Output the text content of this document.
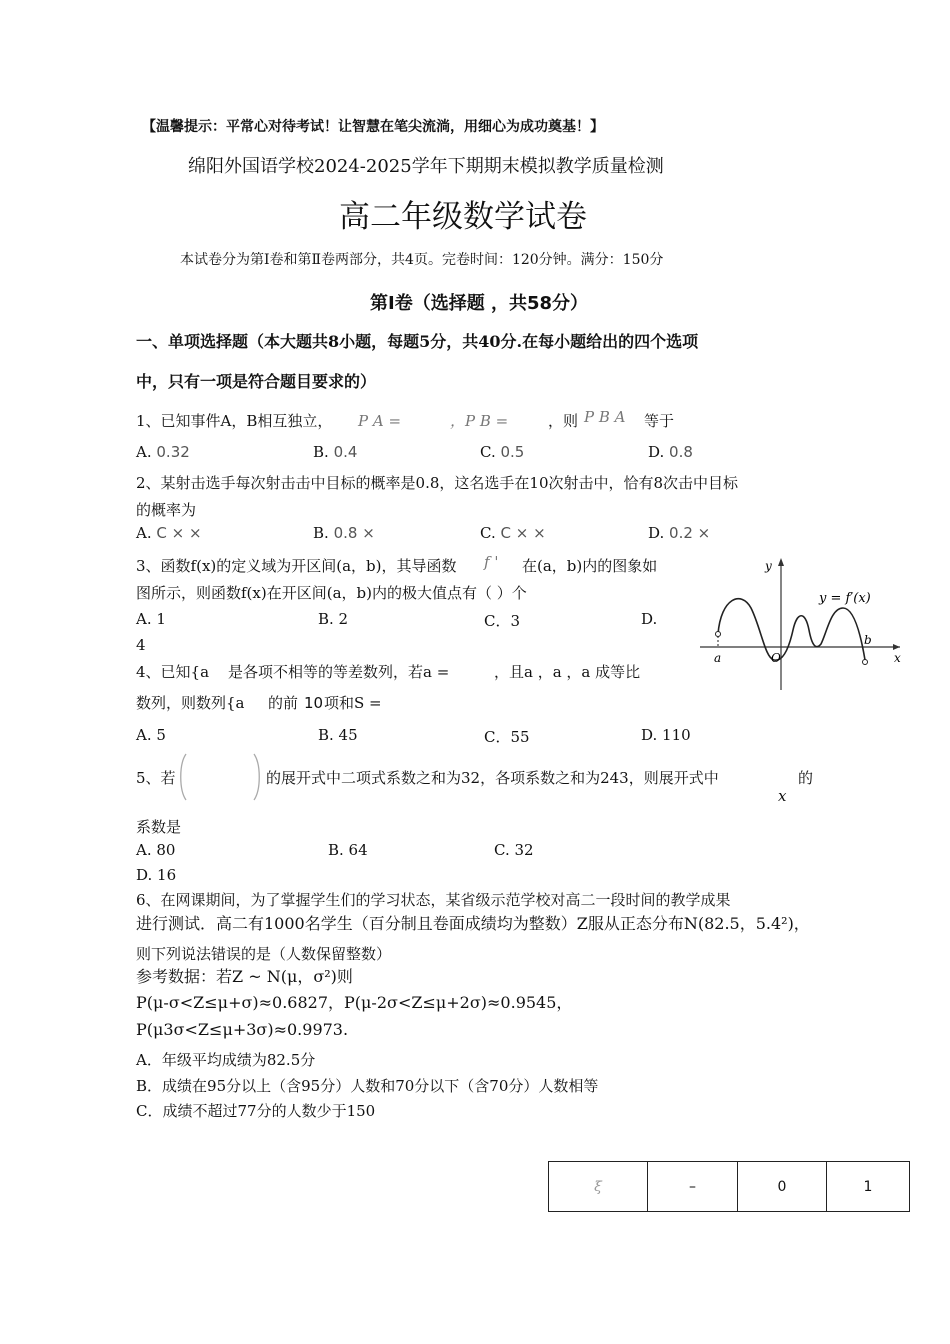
【温馨提示：平常心对待考试！让智慧在笔尖流淌，用细心为成功奠基！】
绵阳外国语学校2024-2025学年下期期末模拟教学质量检测
高二年级数学试卷
本试卷分为第Ⅰ卷和第Ⅱ卷两部分，共4页。完卷时间：120分钟。满分：150分
第Ⅰ卷（选择题 ，共58分）
一、单项选择题（本大题共8小题，每题5分，共40分.在每小题给出的四个选项
中，只有一项是符合题目要求的）
1、已知事件A，B相互独立， P A =	，P B =	，则 P B A 等于
A. 0.32	B. 0.4	C. 0.5	D. 0.8
2、某射击选手每次射击击中目标的概率是0.8，这名选手在10次射击中，恰有8次击中目标
的概率为
A. C × ×	B. 0.8 ×	C. C × ×	D. 0.2 ×
3、函数f(x)的定义域为开区间(a，b)，其导函数 f ' 在(a，b)内的图象如
图所示，则函数f(x)在开区间(a，b)内的极大值点有（ ）个
A. 1	B. 2	C．3	D.
4
y
x
a
b
O
y = f′(x)
4、已知{a 是各项不相等的等差数列，若a =	，且a ，a ，a 成等比
数列，则数列{a 的前 10 项和S =
A. 5	B. 45	C．55	D. 110
5、若	的展开式中二项式系数之和为32，各项系数之和为243，则展开式中
x
的
系数是
A. 80	B. 64	C. 32
D. 16
6、在网课期间，为了掌握学生们的学习状态，某省级示范学校对高二一段时间的教学成果
进行测试．高二有1000名学生（百分制且卷面成绩均为整数）Z服从正态分布N(82.5，5.4²)，
则下列说法错误的是（人数保留整数）
参考数据：若Z ~ N(μ，σ²)则
P(μ-σ<Z≤μ+σ)≈0.6827，P(μ-2σ<Z≤μ+2σ)≈0.9545，
P(μ3σ<Z≤μ+3σ)≈0.9973.
A．年级平均成绩为82.5分
B．成绩在95分以上（含95分）人数和70分以下（含70分）人数相等
C．成绩不超过77分的人数少于150
ξ	–	0	1
